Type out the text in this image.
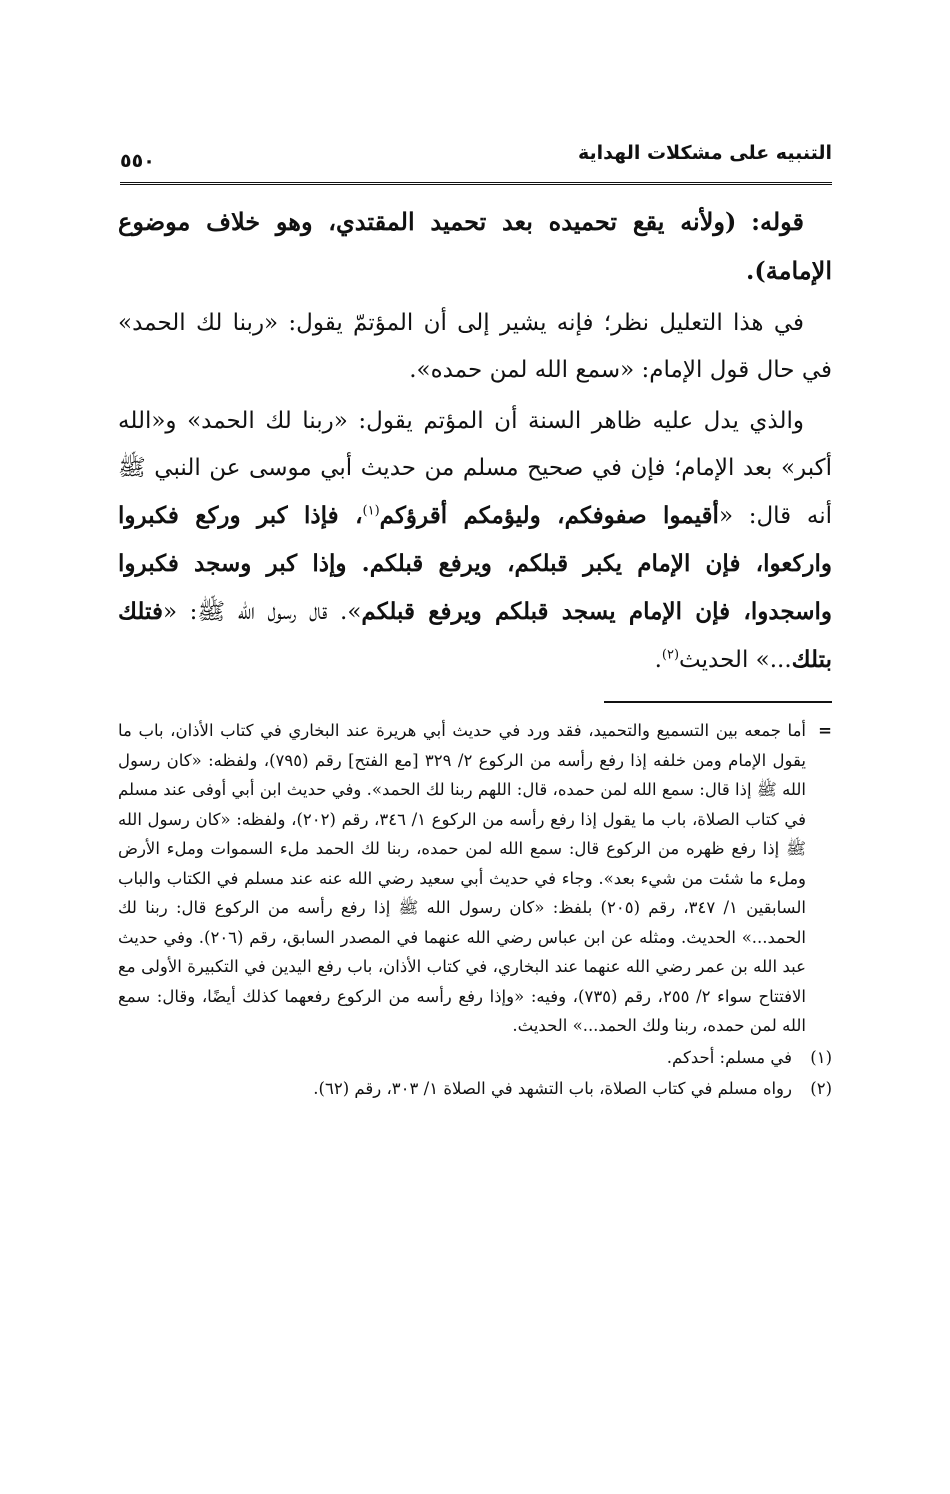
التنبيه على مشكلات الهداية
٥٥٠

قوله: (ولأنه يقع تحميده بعد تحميد المقتدي، وهو خلاف موضوع الإمامة).

في هذا التعليل نظر؛ فإنه يشير إلى أن المؤتمّ يقول: «ربنا لك الحمد» في حال قول الإمام: «سمع الله لمن حمده».

والذي يدل عليه ظاهر السنة أن المؤتم يقول: «ربنا لك الحمد» و«الله أكبر» بعد الإمام؛ فإن في صحيح مسلم من حديث أبي موسى عن النبي ﷺ أنه قال: «أقيموا صفوفكم، وليؤمكم أقرؤكم$^{(١)}$، فإذا كبر وركع فكبروا واركعوا، فإن الإمام يكبر قبلكم، ويرفع قبلكم. وإذا كبر وسجد فكبروا واسجدوا، فإن الإمام يسجد قبلكم ويرفع قبلكم». قال رسول الله ﷺ: «فتلك بتلك...» الحديث$^{(٢)}$.

=
أما جمعه بين التسميع والتحميد، فقد ورد في حديث أبي هريرة عند البخاري في كتاب الأذان، باب ما يقول الإمام ومن خلفه إذا رفع رأسه من الركوع ٢/ ٣٢٩ [مع الفتح] رقم (٧٩٥)، ولفظه: «كان رسول الله ﷺ إذا قال: سمع الله لمن حمده، قال: اللهم ربنا لك الحمد». وفي حديث ابن أبي أوفى عند مسلم في كتاب الصلاة، باب ما يقول إذا رفع رأسه من الركوع ١/ ٣٤٦، رقم (٢٠٢)، ولفظه: «كان رسول الله ﷺ إذا رفع ظهره من الركوع قال: سمع الله لمن حمده، ربنا لك الحمد ملء السموات وملء الأرض وملء ما شئت من شيء بعد». وجاء في حديث أبي سعيد رضي الله عنه عند مسلم في الكتاب والباب السابقين ١/ ٣٤٧، رقم (٢٠٥) بلفظ: «كان رسول الله ﷺ إذا رفع رأسه من الركوع قال: ربنا لك الحمد...» الحديث. ومثله عن ابن عباس رضي الله عنهما في المصدر السابق، رقم (٢٠٦). وفي حديث عبد الله بن عمر رضي الله عنهما عند البخاري، في كتاب الأذان، باب رفع اليدين في التكبيرة الأولى مع الافتتاح سواء ٢/ ٢٥٥، رقم (٧٣٥)، وفيه: «وإذا رفع رأسه من الركوع رفعهما كذلك أيضًا، وقال: سمع الله لمن حمده، ربنا ولك الحمد...» الحديث.
(١)
في مسلم: أحدكم.
(٢)
رواه مسلم في كتاب الصلاة، باب التشهد في الصلاة ١/ ٣٠٣، رقم (٦٢).
